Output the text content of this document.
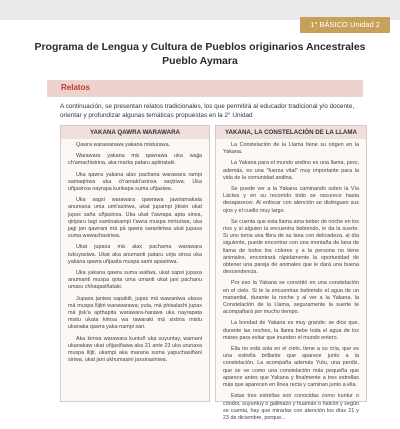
1° BÁSICO Unidad 2
Programa de Lengua y Cultura de Pueblos originarios Ancestrales
Pueblo Aymara
Relatos
A continuación, se presentan relatos tradicionales, los que permitirá al educador tradicional y/o docente, orientar y profundizar algunas temáticas propuestas en la 2° Unidad
YAKANA QAWRA WARAWARA

Qawra warawarawa yakana misturawa.

Warawara yakana mä qawrawa uka wajja ch'amachisirina, aka marka pataru aptiriataki.

Uka qawra yakana alax pachana warawara rampi samaqiriwa uka ch'amakt'asinxa sarjiriwa. Uka uñjasinxa nayrapa kunkapa suma uñjasiwa.

Uka sagsi warawara qawrawa jawiramakata anumana uma umt'asiriwa, ukat jupampi jikisin ukat jupax saña uñjasinxa. Uka ukat t'awrapa apta sinxa, qiriparu tagi saminakampi t'awra muspa mirturiwa, uka jagi jan qawrani mä pä qawra sarantiriwa ukat jupaxa suma wawachasiriwa.

Ukat jupaxa mä alax pachama warawara tukuyasiwa. Ukat aka anumanti pataru urija sinsa uka yakana qawra uñjasita muspa sami apasiriwa.

Uka yakana qawra suma wallwa, ukat sapsi jupaxa anumanti muspa qota uma umanti ukat jani pachanu umaru chhaqasiñataki.

Jupaxa janiwa sapakiti, jupax mä wawaniwa ukaxa mä muspa llijtiri warawarawa; yuta, mä phisalachi jupax mä jisk'a apthapita warawara-harawa uka nayrapata mistu ukata kimsa wa rawaraki mä sixtina mistu ukanaka qawra yaka-nampi sari.

Aka kimsa warawara kuntuñ uka suyuntay, wamani ukanakaw ukat uñjasiñawa aka 21 ante 23 uka urunaxa muspa llijti, ukampi aka marana suma yapuchasiñani siriwa, ukat jani ukhumasini jaxsirasiniwa.

YAKANA, LA CONSTELACIÓN DE LA LLAMA

La Constelación de la Llama tiene su origen en la Yakana.

La Yakana para el mundo andino es una llama, pero, además, es una "fuerza vital" muy importante para la vida de la comunidad andina.

Se puede ver a la Yakana caminando sobre la Vía Láctea y en su recorrido todo se oscurece hasta desaparecer. Al enfocar con atención se distinguen sus ojos y el cuello muy largo.

Se cuenta que esta llama ama beber de noche en los ríos y si alguien la encuentra bebiendo, le da la suerte. Si uno toma una fibra de su lana con delicadeza, al día siguiente, puede encontrar con una montaña de lana de llama de todos los colores y a la persona no tiene animales, encontrará rápidamente la oportunidad de obtener una pareja de animales que le dará una buena descendencia.

Por eso la Yakana se convirtió en una constelación en el cielo. Si te la encuentras bebiendo el agua de un manantial, durante la noche y al ver a la Yakana, la Constelación de la Llama, seguramente la suerte te acompañará por mucho tiempo.

La bondad de Yakana es muy grande; se dice que, durante las noches, la llama bebe toda el agua de los mares para evitar que inunden el mundo entero.

Ella no está sola en el cielo, tiene a su cría, que es una estrella brillante que aparece junto a la constelación. La acompaña además Yutu, una perdiz, que se ve como una constelación más pequeña que aparece antes que Yakana y finalmente a tres estrellas más que aparecen en línea recta y caminan junto a ella.

Estas tres estrellas son conocidas como kuntur o cóndor, suyuntuy o gallinazo y huamán o halcón y según se cuenta, hay que mirarlas con atención los días 21 y 23 de diciembre, porque...
